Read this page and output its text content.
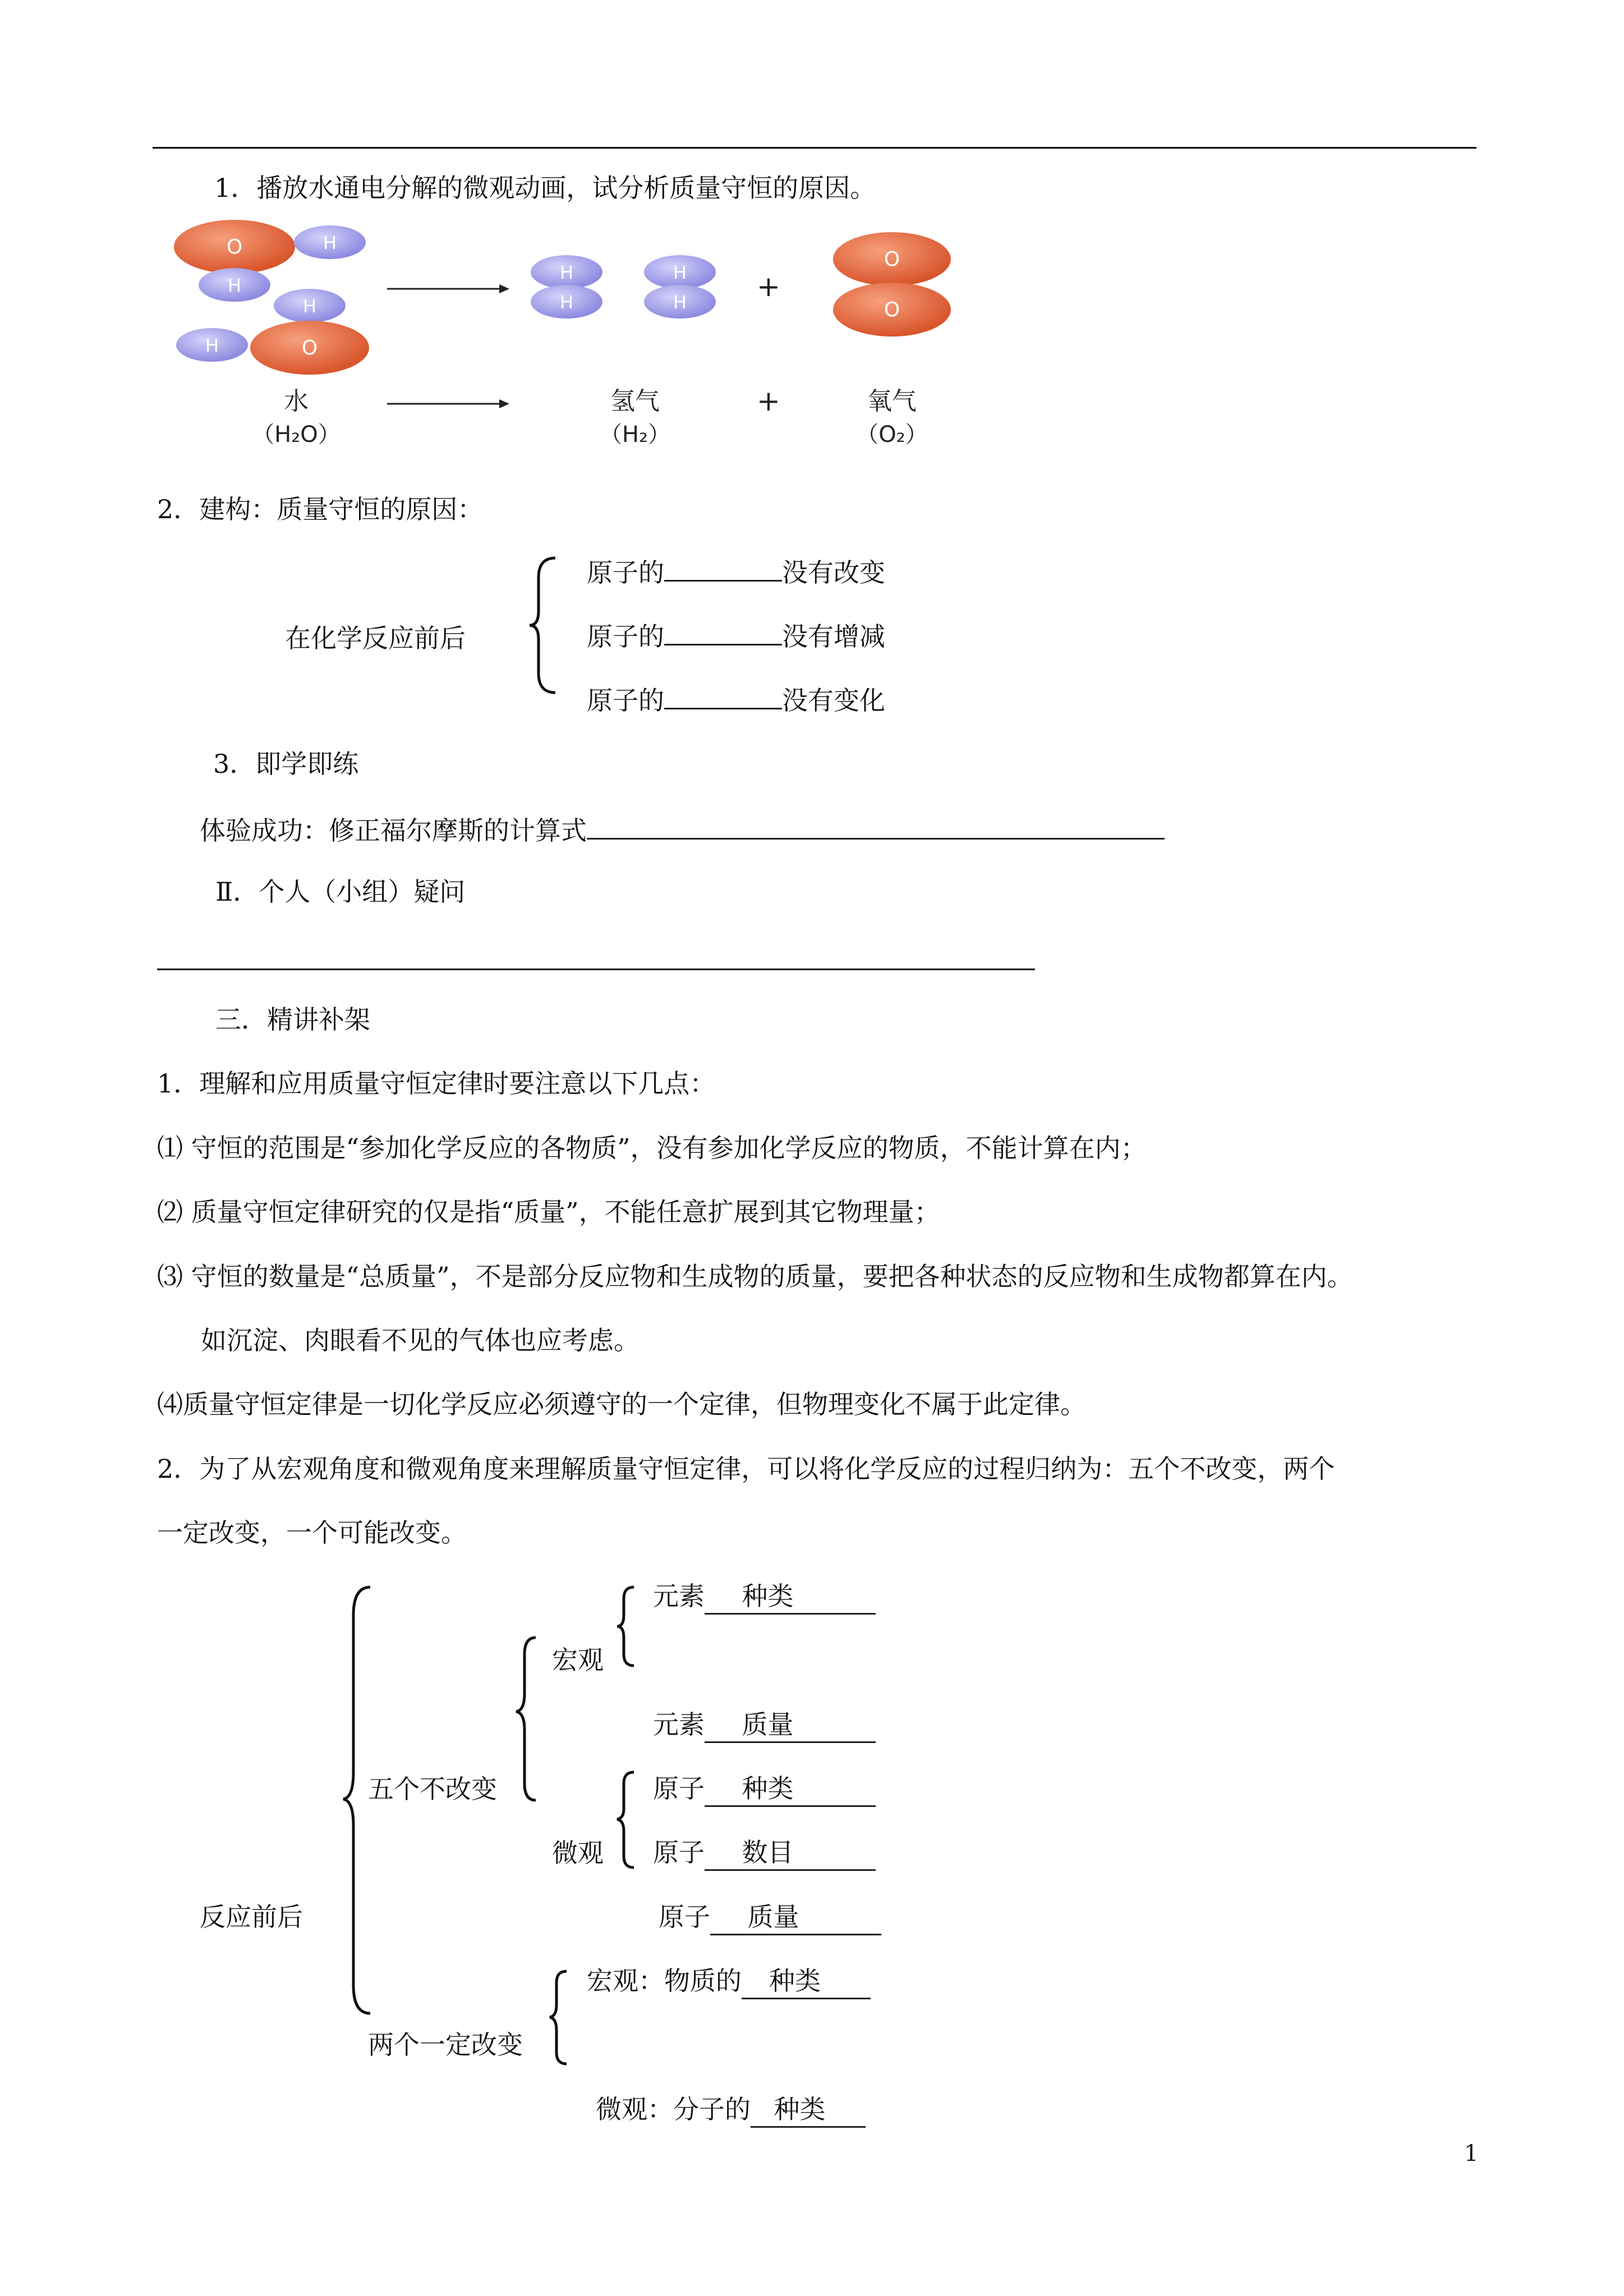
1．播放水通电分解的微观动画，试分析质量守恒的原因。
O	H
H
H
H	O
H
H
H
H	+
O
O
水
（H₂O）
氢气
（H₂）
+	氧气
（O₂）
2．建构：质量守恒的原因：
在化学反应前后
原子的	没有改变
原子的	没有增减
原子的	没有变化
3．即学即练
体验成功：修正福尔摩斯的计算式
Ⅱ．个人（小组）疑问
三．精讲补架
1．理解和应用质量守恒定律时要注意以下几点：
⑴ 守恒的范围是“参加化学反应的各物质”，没有参加化学反应的物质，不能计算在内；
⑵ 质量守恒定律研究的仅是指“质量”，不能任意扩展到其它物理量；
⑶ 守恒的数量是“总质量”，不是部分反应物和生成物的质量，要把各种状态的反应物和生成物都算在内。
如沉淀、肉眼看不见的气体也应考虑。
⑷质量守恒定律是一切化学反应必须遵守的一个定律，但物理变化不属于此定律。
2．为了从宏观角度和微观角度来理解质量守恒定律，可以将化学反应的过程归纳为：五个不改变，两个
一定改变，一个可能改变。
反应前后
五个不改变
宏观
微观
两个一定改变
元素 种类
元素 质量
原子 种类
原子 数目
原子 质量
宏观：物质的 种类
微观：分子的 种类
1
